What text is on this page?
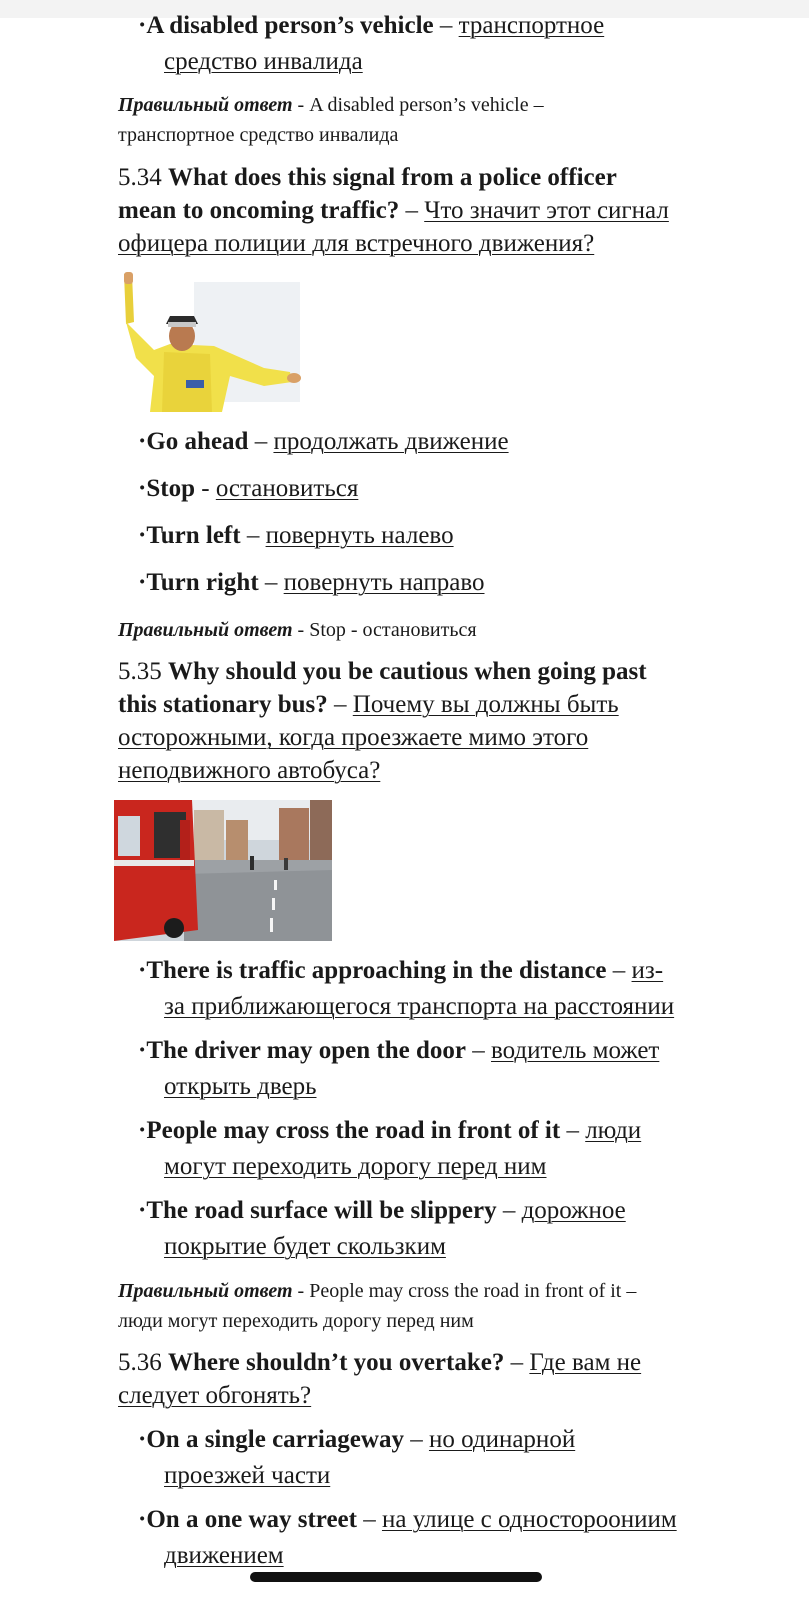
·A disabled person’s vehicle – транспортное
средство инвалида
Правильный ответ - A disabled person’s vehicle –
транспортное средство инвалида
5.34 What does this signal from a police officer
mean to oncoming traffic? – Что значит этот сигнал
офицера полиции для встречного движения?
·Go ahead – продолжать движение
·Stop - остановиться
·Turn left – повернуть налево
·Turn right – повернуть направо
Правильный ответ - Stop - остановиться
5.35 Why should you be cautious when going past
this stationary bus? – Почему вы должны быть
осторожными, когда проезжаете мимо этого
неподвижного автобуса?
·There is traffic approaching in the distance – из-
за приближающегося транспорта на расстоянии
·The driver may open the door – водитель может
открыть дверь
·People may cross the road in front of it – люди
могут переходить дорогу перед ним
·The road surface will be slippery – дорожное
покрытие будет скользким
Правильный ответ - People may cross the road in front of it –
люди могут переходить дорогу перед ним
5.36 Where shouldn’t you overtake? – Где вам не
следует обгонять?
·On a single carriageway – но одинарной
проезжей части
·On a one way street – на улице с одностороониим
движением
